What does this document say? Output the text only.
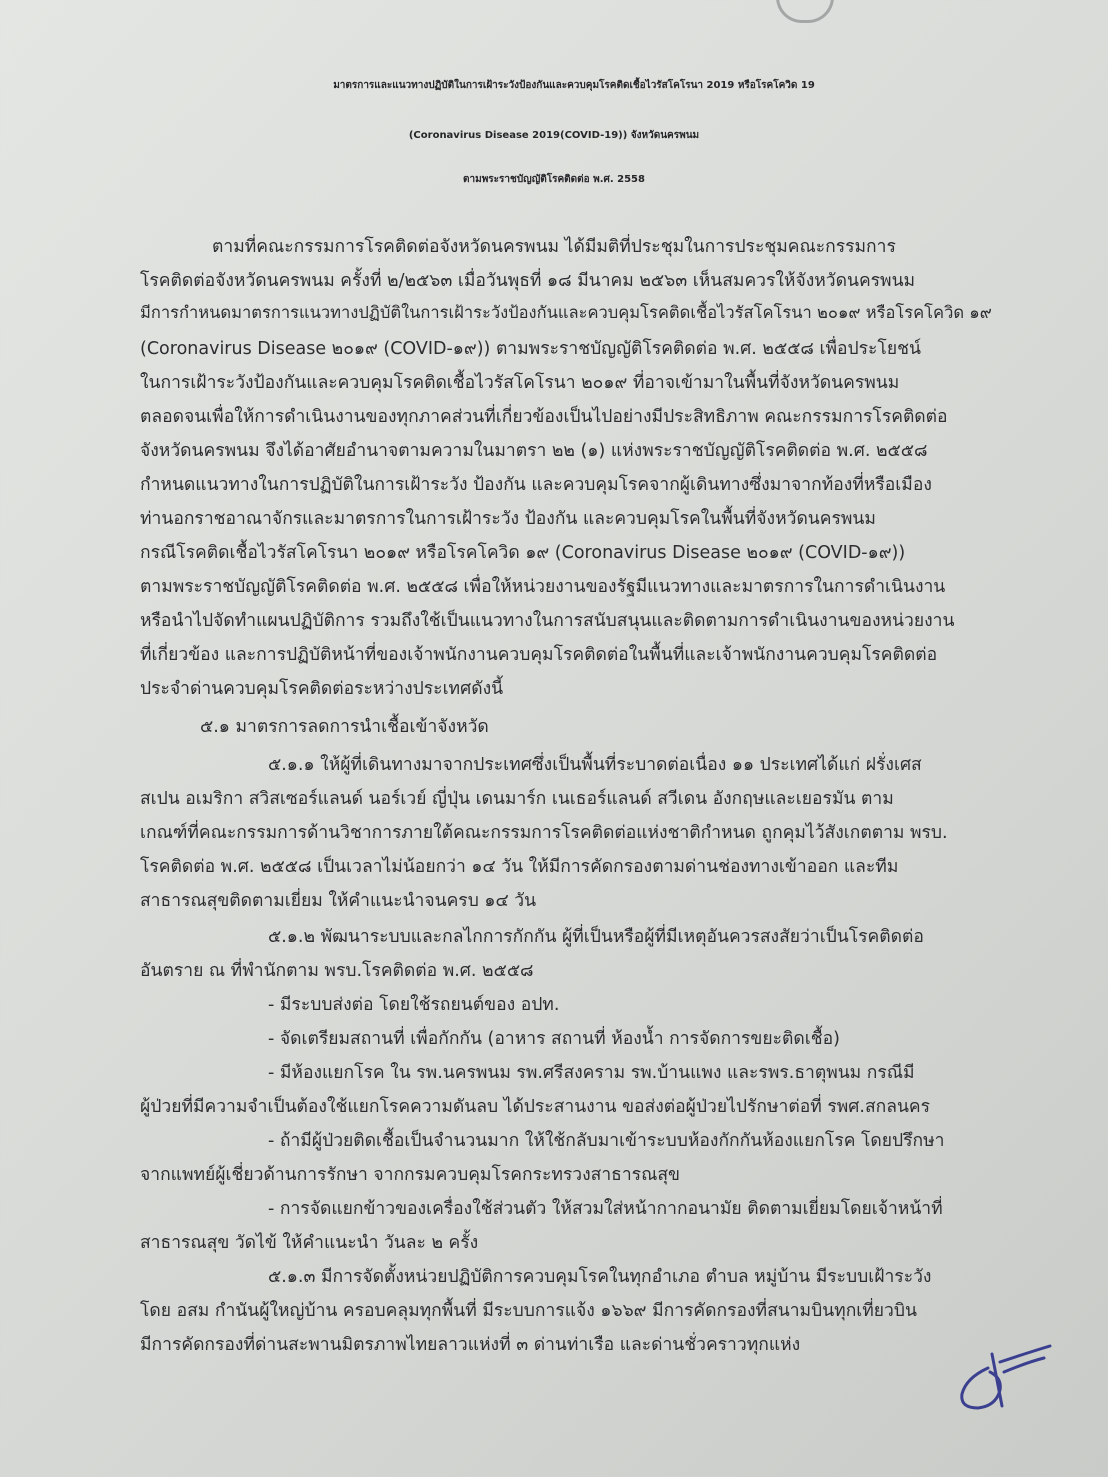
มาตรการและแนวทางปฏิบัติในการเฝ้าระวังป้องกันและควบคุมโรคติดเชื้อไวรัสโคโรนา 2019 หรือโรคโควิด 19
(Coronavirus Disease 2019(COVID-19)) จังหวัดนครพนม
ตามพระราชบัญญัติโรคติดต่อ พ.ศ. 2558
ตามที่คณะกรรมการโรคติดต่อจังหวัดนครพนม ได้มีมติที่ประชุมในการประชุมคณะกรรมการ
โรคติดต่อจังหวัดนครพนม ครั้งที่ ๒/๒๕๖๓ เมื่อวันพุธที่ ๑๘ มีนาคม ๒๕๖๓ เห็นสมควรให้จังหวัดนครพนม
มีการกำหนดมาตรการแนวทางปฏิบัติในการเฝ้าระวังป้องกันและควบคุมโรคติดเชื้อไวรัสโคโรนา ๒๐๑๙ หรือโรคโควิด ๑๙
(Coronavirus Disease ๒๐๑๙ (COVID-๑๙)) ตามพระราชบัญญัติโรคติดต่อ พ.ศ. ๒๕๕๘ เพื่อประโยชน์
ในการเฝ้าระวังป้องกันและควบคุมโรคติดเชื้อไวรัสโคโรนา ๒๐๑๙ ที่อาจเข้ามาในพื้นที่จังหวัดนครพนม
ตลอดจนเพื่อให้การดำเนินงานของทุกภาคส่วนที่เกี่ยวข้องเป็นไปอย่างมีประสิทธิภาพ คณะกรรมการโรคติดต่อ
จังหวัดนครพนม จึงได้อาศัยอำนาจตามความในมาตรา ๒๒ (๑) แห่งพระราชบัญญัติโรคติดต่อ พ.ศ. ๒๕๕๘
กำหนดแนวทางในการปฏิบัติในการเฝ้าระวัง ป้องกัน และควบคุมโรคจากผู้เดินทางซึ่งมาจากท้องที่หรือเมือง
ท่านอกราชอาณาจักรและมาตรการในการเฝ้าระวัง ป้องกัน และควบคุมโรคในพื้นที่จังหวัดนครพนม
กรณีโรคติดเชื้อไวรัสโคโรนา ๒๐๑๙ หรือโรคโควิด ๑๙ (Coronavirus Disease ๒๐๑๙ (COVID-๑๙))
ตามพระราชบัญญัติโรคติดต่อ พ.ศ. ๒๕๕๘ เพื่อให้หน่วยงานของรัฐมีแนวทางและมาตรการในการดำเนินงาน
หรือนำไปจัดทำแผนปฏิบัติการ รวมถึงใช้เป็นแนวทางในการสนับสนุนและติดตามการดำเนินงานของหน่วยงาน
ที่เกี่ยวข้อง และการปฏิบัติหน้าที่ของเจ้าพนักงานควบคุมโรคติดต่อในพื้นที่และเจ้าพนักงานควบคุมโรคติดต่อ
ประจำด่านควบคุมโรคติดต่อระหว่างประเทศดังนี้
๕.๑ มาตรการลดการนำเชื้อเข้าจังหวัด
๕.๑.๑ ให้ผู้ที่เดินทางมาจากประเทศซึ่งเป็นพื้นที่ระบาดต่อเนื่อง ๑๑ ประเทศได้แก่ ฝรั่งเศส
สเปน อเมริกา สวิสเซอร์แลนด์ นอร์เวย์ ญี่ปุ่น เดนมาร์ก เนเธอร์แลนด์ สวีเดน อังกฤษและเยอรมัน ตาม
เกณฑ์ที่คณะกรรมการด้านวิชาการภายใต้คณะกรรมการโรคติดต่อแห่งชาติกำหนด ถูกคุมไว้สังเกตตาม พรบ.
โรคติดต่อ พ.ศ. ๒๕๕๘ เป็นเวลาไม่น้อยกว่า ๑๔ วัน ให้มีการคัดกรองตามด่านช่องทางเข้าออก และทีม
สาธารณสุขติดตามเยี่ยม ให้คำแนะนำจนครบ ๑๔ วัน
๕.๑.๒ พัฒนาระบบและกลไกการกักกัน ผู้ที่เป็นหรือผู้ที่มีเหตุอันควรสงสัยว่าเป็นโรคติดต่อ
อันตราย ณ ที่พำนักตาม พรบ.โรคติดต่อ พ.ศ. ๒๕๕๘
- มีระบบส่งต่อ โดยใช้รถยนต์ของ อปท.
- จัดเตรียมสถานที่ เพื่อกักกัน (อาหาร สถานที่ ห้องน้ำ การจัดการขยะติดเชื้อ)
- มีห้องแยกโรค ใน รพ.นครพนม รพ.ศรีสงคราม รพ.บ้านแพง และรพร.ธาตุพนม กรณีมี
ผู้ป่วยที่มีความจำเป็นต้องใช้แยกโรคความดันลบ ได้ประสานงาน ขอส่งต่อผู้ป่วยไปรักษาต่อที่ รพศ.สกลนคร
- ถ้ามีผู้ป่วยติดเชื้อเป็นจำนวนมาก ให้ใช้กลับมาเข้าระบบห้องกักกันห้องแยกโรค โดยปรึกษา
จากแพทย์ผู้เชี่ยวด้านการรักษา จากกรมควบคุมโรคกระทรวงสาธารณสุข
- การจัดแยกข้าวของเครื่องใช้ส่วนตัว ให้สวมใส่หน้ากากอนามัย ติดตามเยี่ยมโดยเจ้าหน้าที่
สาธารณสุข วัดไข้ ให้คำแนะนำ วันละ ๒ ครั้ง
๕.๑.๓ มีการจัดตั้งหน่วยปฏิบัติการควบคุมโรคในทุกอำเภอ ตำบล หมู่บ้าน มีระบบเฝ้าระวัง
โดย อสม กำนันผู้ใหญ่บ้าน ครอบคลุมทุกพื้นที่ มีระบบการแจ้ง ๑๖๖๙ มีการคัดกรองที่สนามบินทุกเที่ยวบิน
มีการคัดกรองที่ด่านสะพานมิตรภาพไทยลาวแห่งที่ ๓ ด่านท่าเรือ และด่านชั่วคราวทุกแห่ง
